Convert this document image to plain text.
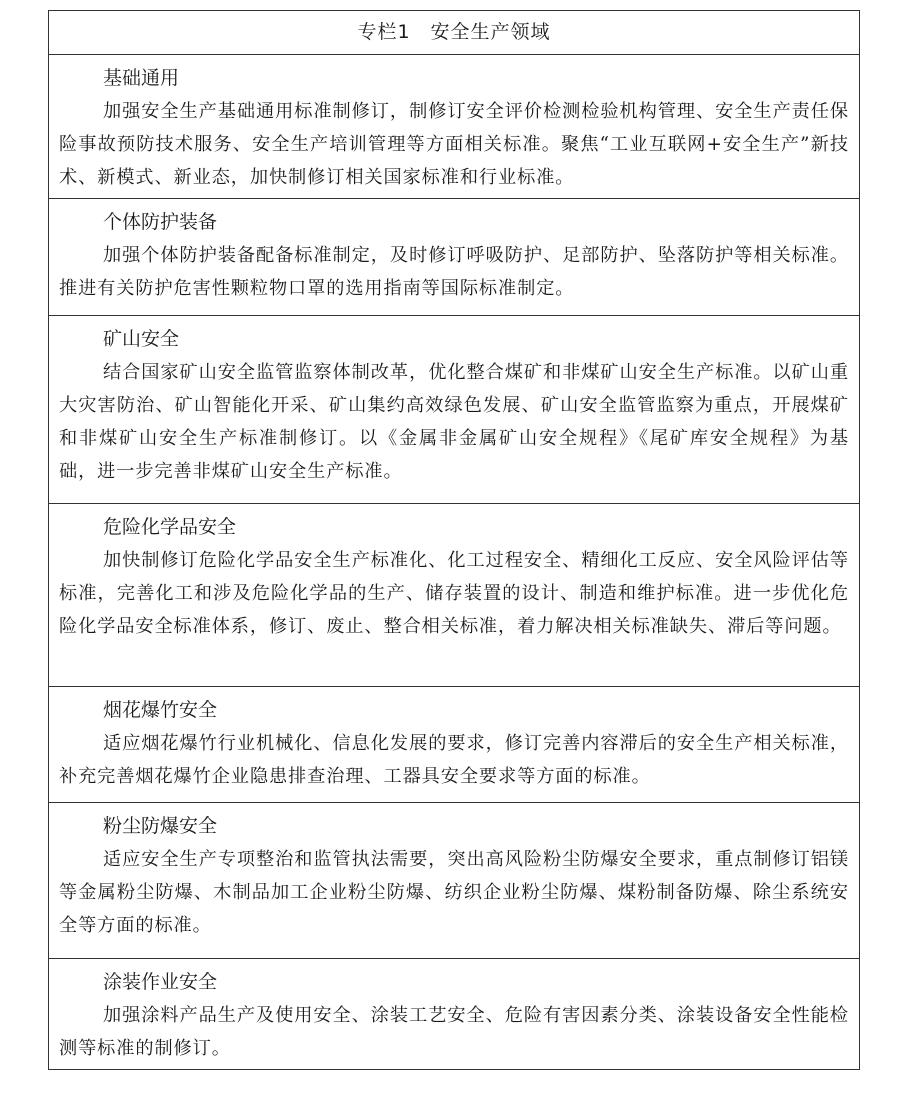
专栏1　安全生产领域
基础通用
加强安全生产基础通用标准制修订，制修订安全评价检测检验机构管理、安全生产责任保险事故预防技术服务、安全生产培训管理等方面相关标准。聚焦“工业互联网+安全生产”新技术、新模式、新业态，加快制修订相关国家标准和行业标准。
个体防护装备
加强个体防护装备配备标准制定，及时修订呼吸防护、足部防护、坠落防护等相关标准。推进有关防护危害性颗粒物口罩的选用指南等国际标准制定。
矿山安全
结合国家矿山安全监管监察体制改革，优化整合煤矿和非煤矿山安全生产标准。以矿山重大灾害防治、矿山智能化开采、矿山集约高效绿色发展、矿山安全监管监察为重点，开展煤矿和非煤矿山安全生产标准制修订。以《金属非金属矿山安全规程》《尾矿库安全规程》为基础，进一步完善非煤矿山安全生产标准。
危险化学品安全
加快制修订危险化学品安全生产标准化、化工过程安全、精细化工反应、安全风险评估等标准，完善化工和涉及危险化学品的生产、储存装置的设计、制造和维护标准。进一步优化危险化学品安全标准体系，修订、废止、整合相关标准，着力解决相关标准缺失、滞后等问题。
烟花爆竹安全
适应烟花爆竹行业机械化、信息化发展的要求，修订完善内容滞后的安全生产相关标准，补充完善烟花爆竹企业隐患排查治理、工器具安全要求等方面的标准。
粉尘防爆安全
适应安全生产专项整治和监管执法需要，突出高风险粉尘防爆安全要求，重点制修订铝镁等金属粉尘防爆、木制品加工企业粉尘防爆、纺织企业粉尘防爆、煤粉制备防爆、除尘系统安全等方面的标准。
涂装作业安全
加强涂料产品生产及使用安全、涂装工艺安全、危险有害因素分类、涂装设备安全性能检测等标准的制修订。
